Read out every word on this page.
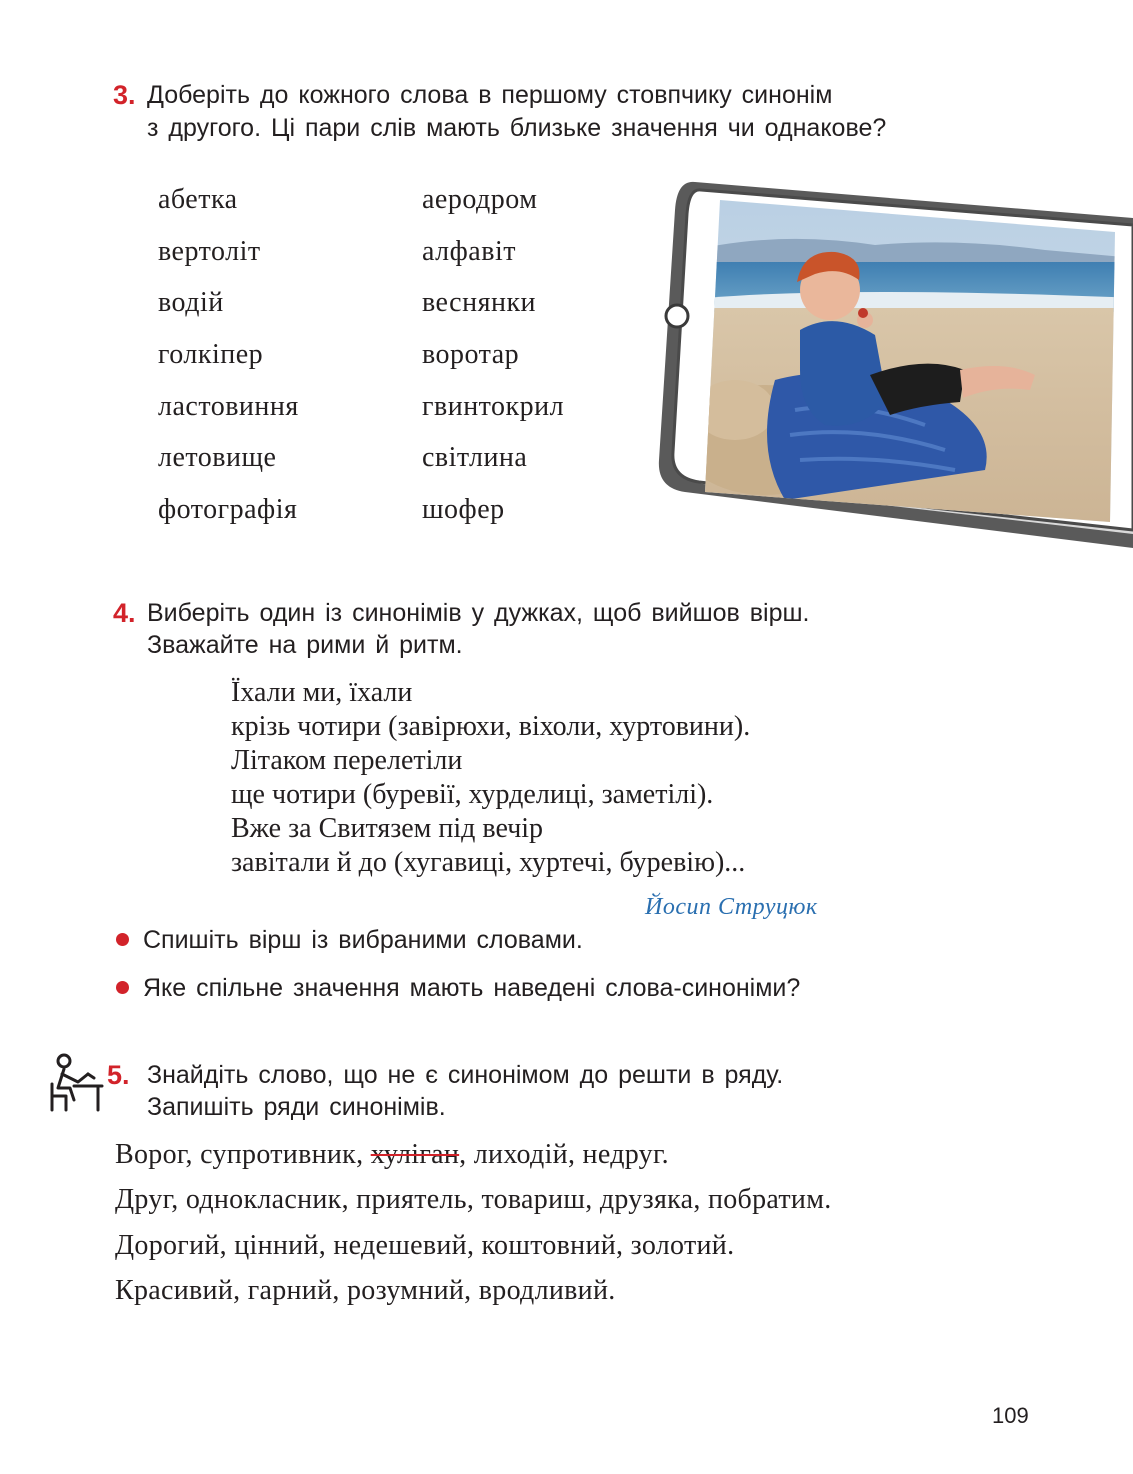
3. Доберіть до кожного слова в першому стовпчику синонім
з другого. Ці пари слів мають близьке значення чи однакове?
абетка
вертоліт
водій
голкіпер
ластовиння
летовище
фотографія
аеродром
алфавіт
веснянки
воротар
гвинтокрил
світлина
шофер
4. Виберіть один із синонімів у дужках, щоб вийшов вірш.
Зважайте на рими й ритм.
Їхали ми, їхали
крізь чотири (завірюхи, віхоли, хуртовини).
Літаком перелетіли
ще чотири (буревії, хурделиці, заметілі).
Вже за Свитязем під вечір
завітали й до (хугавиці, хуртечі, буревію)...
Йосип Струцюк
Спишіть вірш із вибраними словами.
Яке спільне значення мають наведені слова-синоніми?
5. Знайдіть слово, що не є синонімом до решти в ряду.
Запишіть ряди синонімів.
Ворог, супротивник, хуліган, лиходій, недруг.
Друг, однокласник, приятель, товариш, друзяка, побратим.
Дорогий, цінний, недешевий, коштовний, золотий.
Красивий, гарний, розумний, вродливий.
109
